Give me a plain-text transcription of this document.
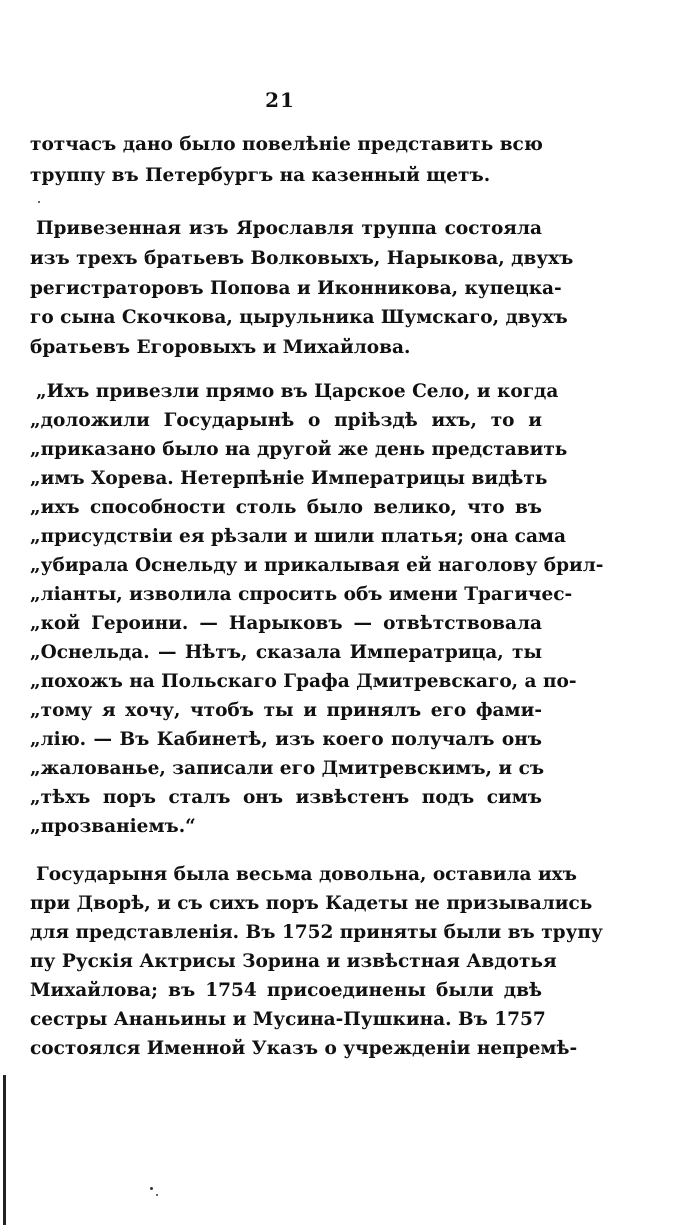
21
тотчасъ дано было повелѣніе представить всю
труппу въ Петербургъ на казенный щетъ.
Привезенная изъ Ярославля труппа состояла
изъ трехъ братьевъ Волковыхъ, Нарыкова, двухъ
регистраторовъ Попова и Иконникова, купецка-
го сына Скочкова, цырульника Шумскаго, двухъ
братьевъ Егоровыхъ и Михайлова.
„Ихъ привезли прямо въ Царское Село, и когда
„доложили Государынѣ о пріѣздѣ ихъ, то и
„приказано было на другой же день представить
„имъ Хорева. Нетерпѣніе Императрицы видѣть
„ихъ способности столь было велико, что въ
„присудствіи ея рѣзали и шили платья; она сама
„убирала Оснельду и прикалывая ей наголову брил-
„ліанты, изволила спросить объ имени Трагичес-
„кой Героини. — Нарыковъ — отвѣтствовала
„Оснельда. — Нѣтъ, сказала Императрица, ты
„похожъ на Польскаго Графа Дмитревскаго, а по-
„тому я хочу, чтобъ ты и принялъ его фами-
„лію. — Въ Кабинетѣ, изъ коего получалъ онъ
„жалованье, записали его Дмитревскимъ, и съ
„тѣхъ поръ сталъ онъ извѣстенъ подъ симъ
„прозваніемъ.“
Государыня была весьма довольна, оставила ихъ
при Дворѣ, и съ сихъ поръ Кадеты не призывались
для представленія. Въ 1752 приняты были въ трупу
пу Рускія Актрисы Зорина и извѣстная Авдотья
Михайлова; въ 1754 присоединены были двѣ
сестры Ананьины и Мусина-Пушкина. Въ 1757
состоялся Именной Указъ о учрежденіи непремѣ-
